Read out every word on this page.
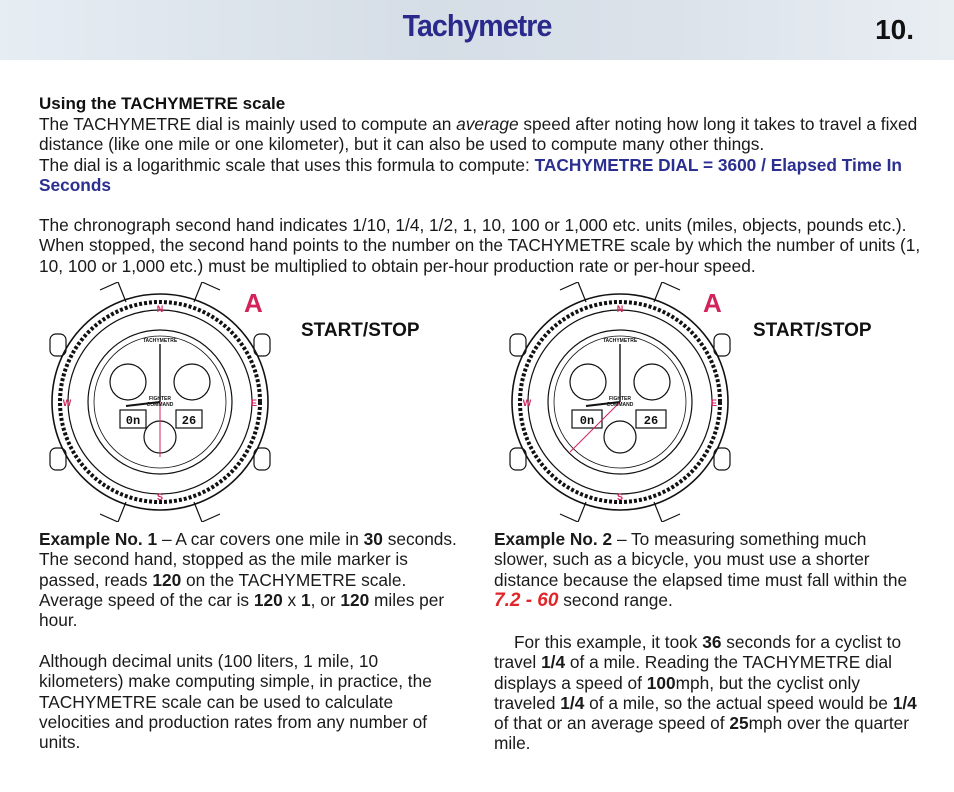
Tachymetre	10.
Using the TACHYMETRE scale
The TACHYMETRE dial is mainly used to compute an average speed after noting how long it takes to travel a fixed distance (like one mile or one kilometer), but it can also be used to compute many other things.
The dial is a logarithmic scale that uses this formula to compute: TACHYMETRE DIAL = 3600 / Elapsed Time In Seconds
The chronograph second hand indicates 1/10, 1/4, 1/2, 1, 10, 100 or 1,000 etc. units (miles, objects, pounds etc.). When stopped, the second hand points to the number on the TACHYMETRE scale by which the number of units (1, 10, 100 or 1,000 etc.) must be multiplied to obtain per-hour production rate or per-hour speed.
N
E
S
W
TACHYMETRE
FIGHTER
COMMAND
0n	26
A
START/STOP
N
E
S
W
TACHYMETRE
FIGHTER
COMMAND
0n	26
A
START/STOP
Example No. 1 – A car covers one mile in 30 seconds. The second hand, stopped as the mile marker is passed, reads 120 on the TACHYMETRE scale. Average speed of the car is 120 x 1, or 120 miles per hour.
Although decimal units (100 liters, 1 mile, 10 kilometers) make computing simple, in practice, the TACHYMETRE scale can be used to calculate velocities and production rates from any number of units.
Example No. 2 – To measuring something much slower, such as a bicycle, you must use a shorter distance because the elapsed time must fall within the 7.2 - 60 second range.
For this example, it took 36 seconds for a cyclist to travel 1/4 of a mile. Reading the TACHYMETRE dial displays a speed of 100mph, but the cyclist only traveled 1/4 of a mile, so the actual speed would be 1/4 of that or an average speed of 25mph over the quarter mile.
